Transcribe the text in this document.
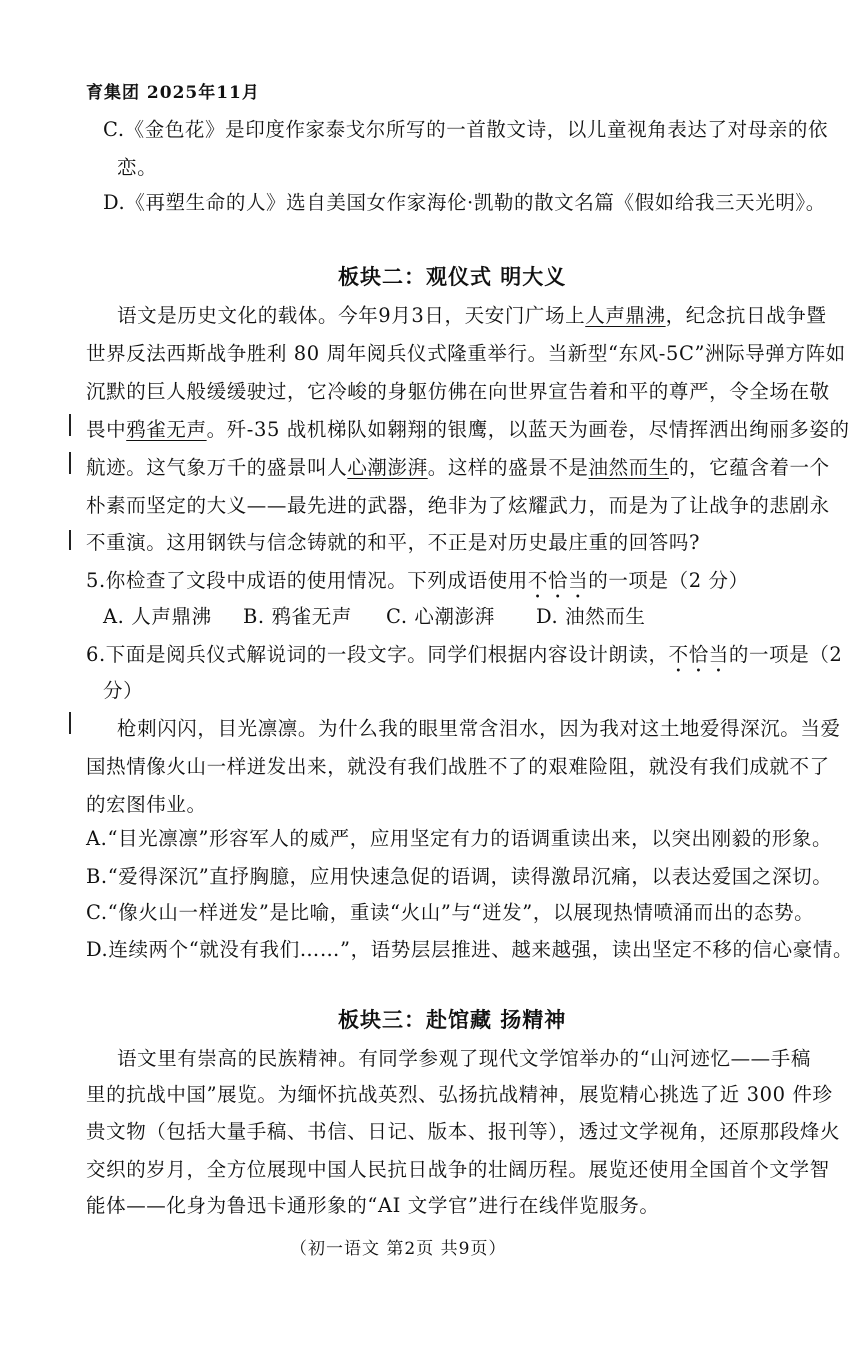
育集团 2025年11月
C.《金色花》是印度作家泰戈尔所写的一首散文诗，以儿童视角表达了对母亲的依
恋。
D.《再塑生命的人》选自美国女作家海伦·凯勒的散文名篇《假如给我三天光明》。
板块二：观仪式 明大义
语文是历史文化的载体。今年9月3日，天安门广场上人声鼎沸，纪念抗日战争暨
世界反法西斯战争胜利 80 周年阅兵仪式隆重举行。当新型“东风-5C”洲际导弹方阵如
沉默的巨人般缓缓驶过，它冷峻的身躯仿佛在向世界宣告着和平的尊严，令全场在敬
畏中鸦雀无声。歼-35 战机梯队如翱翔的银鹰，以蓝天为画卷，尽情挥洒出绚丽多姿的
航迹。这气象万千的盛景叫人心潮澎湃。这样的盛景不是油然而生的，它蕴含着一个
朴素而坚定的大义——最先进的武器，绝非为了炫耀武力，而是为了让战争的悲剧永
不重演。这用钢铁与信念铸就的和平，不正是对历史最庄重的回答吗?
5.你检查了文段中成语的使用情况。下列成语使用不恰当的一项是（2 分）
A. 人声鼎沸 B. 鸦雀无声 C. 心潮澎湃 D. 油然而生
6.下面是阅兵仪式解说词的一段文字。同学们根据内容设计朗读，不恰当的一项是（2
分）
枪刺闪闪，目光凛凛。为什么我的眼里常含泪水，因为我对这土地爱得深沉。当爱
国热情像火山一样迸发出来，就没有我们战胜不了的艰难险阻，就没有我们成就不了
的宏图伟业。
A.“目光凛凛”形容军人的威严，应用坚定有力的语调重读出来，以突出刚毅的形象。
B.“爱得深沉”直抒胸臆，应用快速急促的语调，读得激昂沉痛，以表达爱国之深切。
C.“像火山一样迸发”是比喻，重读“火山”与“迸发”，以展现热情喷涌而出的态势。
D.连续两个“就没有我们……”，语势层层推进、越来越强，读出坚定不移的信心豪情。
板块三：赴馆藏 扬精神
语文里有崇高的民族精神。有同学参观了现代文学馆举办的“山河迹忆——手稿
里的抗战中国”展览。为缅怀抗战英烈、弘扬抗战精神，展览精心挑选了近 300 件珍
贵文物（包括大量手稿、书信、日记、版本、报刊等），透过文学视角，还原那段烽火
交织的岁月，全方位展现中国人民抗日战争的壮阔历程。展览还使用全国首个文学智
能体——化身为鲁迅卡通形象的“AI 文学官”进行在线伴览服务。
（初一语文 第2页 共9页）
